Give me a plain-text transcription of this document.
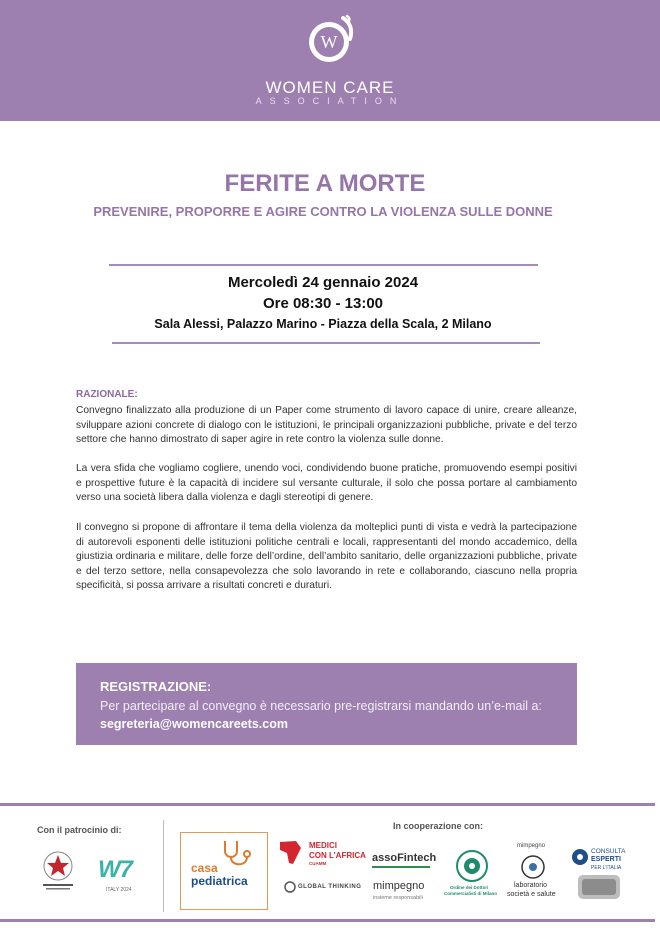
W
WOMEN CARE
ASSOCIATION
FERITE A MORTE
PREVENIRE, PROPORRE E AGIRE CONTRO LA VIOLENZA SULLE DONNE
Mercoledì 24 gennaio 2024
Ore 08:30 - 13:00
Sala Alessi, Palazzo Marino - Piazza della Scala, 2 Milano
RAZIONALE:

Convegno finalizzato alla produzione di un Paper come strumento di lavoro capace di unire, creare alleanze, sviluppare azioni concrete di dialogo con le istituzioni, le principali organizzazioni pubbliche, private e del terzo settore che hanno dimostrato di saper agire in rete contro la violenza sulle donne.

La vera sfida che vogliamo cogliere, unendo voci, condividendo buone pratiche, promuovendo esempi positivi e prospettive future è la capacità di incidere sul versante culturale, il solo che possa portare al cambiamento verso una società libera dalla violenza e dagli stereotipi di genere.

Il convegno si propone di affrontare il tema della violenza da molteplici punti di vista e vedrà la partecipazione di autorevoli esponenti delle istituzioni politiche centrali e locali, rappresentanti del mondo accademico, della giustizia ordinaria e militare, delle forze dell’ordine, dell’ambito sanitario, delle organizzazioni pubbliche, private e del terzo settore, nella consapevolezza che solo lavorando in rete e collaborando, ciascuno nella propria specificità, si possa arrivare a risultati concreti e duraturi.

REGISTRAZIONE:
Per partecipare al convegno è necessario pre-registrarsi mandando un’e-mail a: segreteria@womencareets.com
Con il patrocinio di:	In cooperazione con:
W7
ITALY 2024
casa
pediatrica
MEDICI
CON L’AFRICA
CUAMM
GLOBAL THINKING
assoFintech
mimpegno
insieme responsabili
Ordine dei Dottori
Commercialisti di Milano
mimpegno
laboratorio
società e salute
CONSULTA
ESPERTI
PER L’ITALIA
